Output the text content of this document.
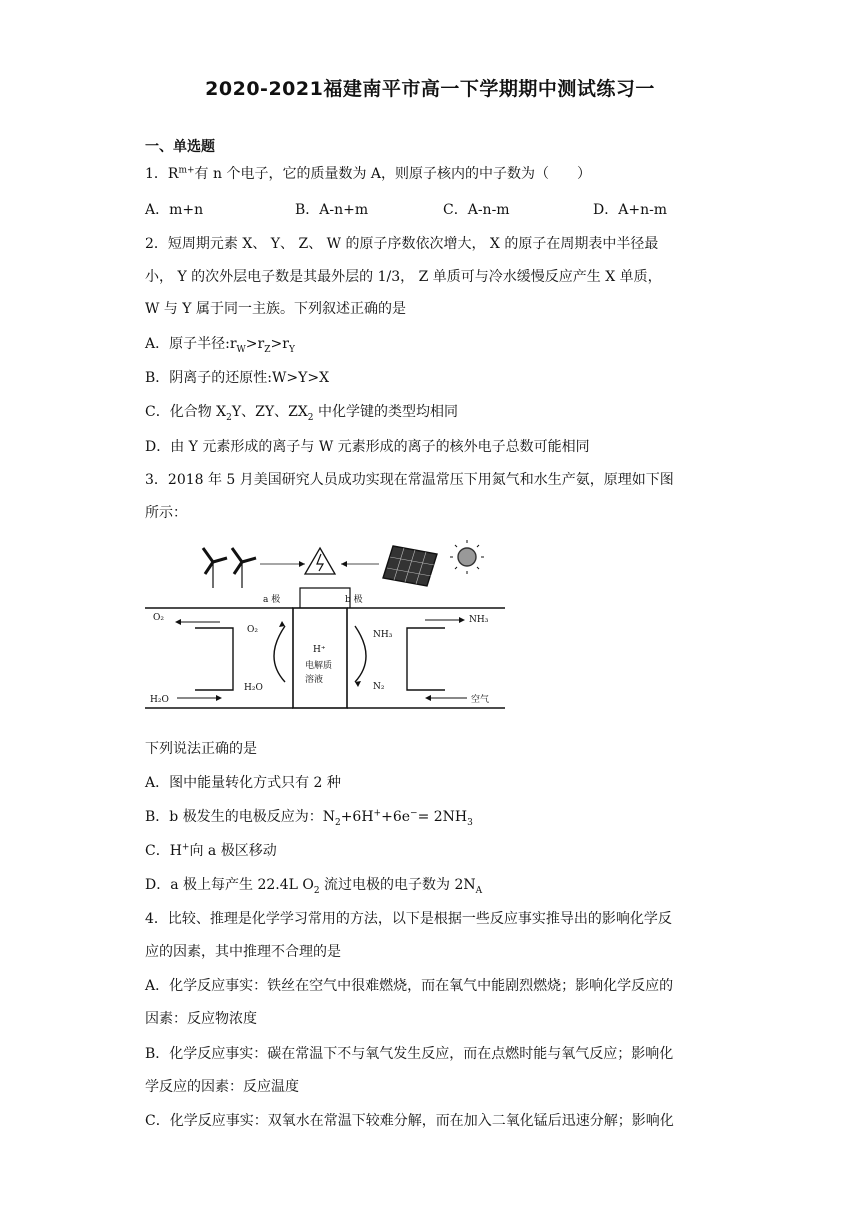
2020-2021福建南平市高一下学期期中测试练习一
一、单选题
1．$R^{m+}$有 n 个电子，它的质量数为 A，则原子核内的中子数为（　　）
A．m+n	B．A-n+m	C．A-n-m	D．A+n-m
2．短周期元素 X、 Y、 Z、 W 的原子序数依次增大， X 的原子在周期表中半径最
小， Y 的次外层电子数是其最外层的 1/3， Z 单质可与冷水缓慢反应产生 X 单质，
W 与 Y 属于同一主族。下列叙述正确的是
A．原子半径$:r_W>r_Z>r_Y$
B．阴离子的还原性:W>Y>X
C．化合物 $X_2Y$、ZY、$ZX_2$ 中化学键的类型均相同
D．由 Y 元素形成的离子与 W 元素形成的离子的核外电子总数可能相同
3．2018 年 5 月美国研究人员成功实现在常温常压下用氮气和水生产氨，原理如下图
所示：
a 极	b 极
H⁺
电解质
溶液
O₂
H₂O
NH₃
N₂
O₂
H₂O
NH₃
空气
下列说法正确的是
A．图中能量转化方式只有 2 种
B．b 极发生的电极反应为：$N_2+6H^++6e^-= 2NH_3$
C．H+向 a 极区移动
D．a 极上每产生 22.4L $O_2$ 流过电极的电子数为 $2N_A$
4．比较、推理是化学学习常用的方法，以下是根据一些反应事实推导出的影响化学反
应的因素，其中推理不合理的是
A．化学反应事实：铁丝在空气中很难燃烧，而在氧气中能剧烈燃烧；影响化学反应的
因素：反应物浓度
B．化学反应事实：碳在常温下不与氧气发生反应，而在点燃时能与氧气反应；影响化
学反应的因素：反应温度
C．化学反应事实：双氧水在常温下较难分解，而在加入二氧化锰后迅速分解；影响化
